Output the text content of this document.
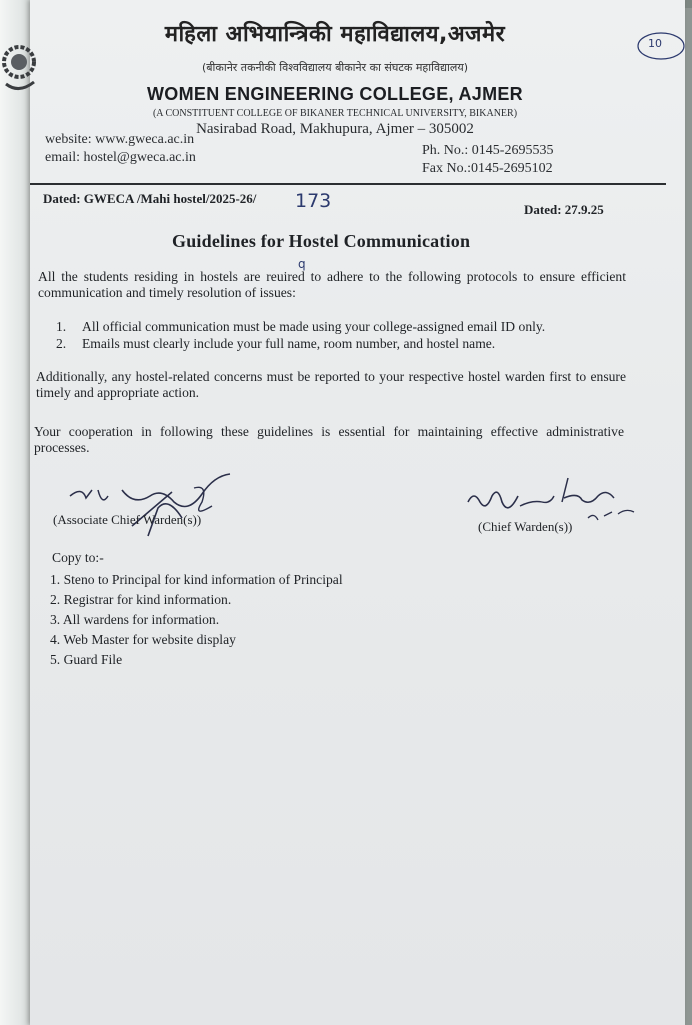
महिला अभियान्त्रिकी महाविद्यालय,अजमेर
(बीकानेर तकनीकी विश्वविद्यालय बीकानेर का संघटक महाविद्यालय)
WOMEN ENGINEERING COLLEGE, AJMER
(A CONSTITUENT COLLEGE OF BIKANER TECHNICAL UNIVERSITY, BIKANER)
Nasirabad Road, Makhupura, Ajmer – 305002
website: www.gweca.ac.in
email: hostel@gweca.ac.in	Ph. No.: 0145-2695535
Fax No.:0145-2695102
10
Dated: GWECA /Mahi hostel/2025-26/ 173	Dated: 27.9.25
Guidelines for Hostel Communication
q
All the students residing in hostels are reuired to adhere to the following protocols to ensure efficient communication and timely resolution of issues:
1. All official communication must be made using your college-assigned email ID only.
2. Emails must clearly include your full name, room number, and hostel name.
Additionally, any hostel-related concerns must be reported to your respective hostel warden first to ensure timely and appropriate action.
Your cooperation in following these guidelines is essential for maintaining effective administrative processes.
(Associate Chief Warden(s))	(Chief Warden(s))
Copy to:-
1. Steno to Principal for kind information of Principal
2. Registrar for kind information.
3. All wardens for information.
4. Web Master for website display
5. Guard File
